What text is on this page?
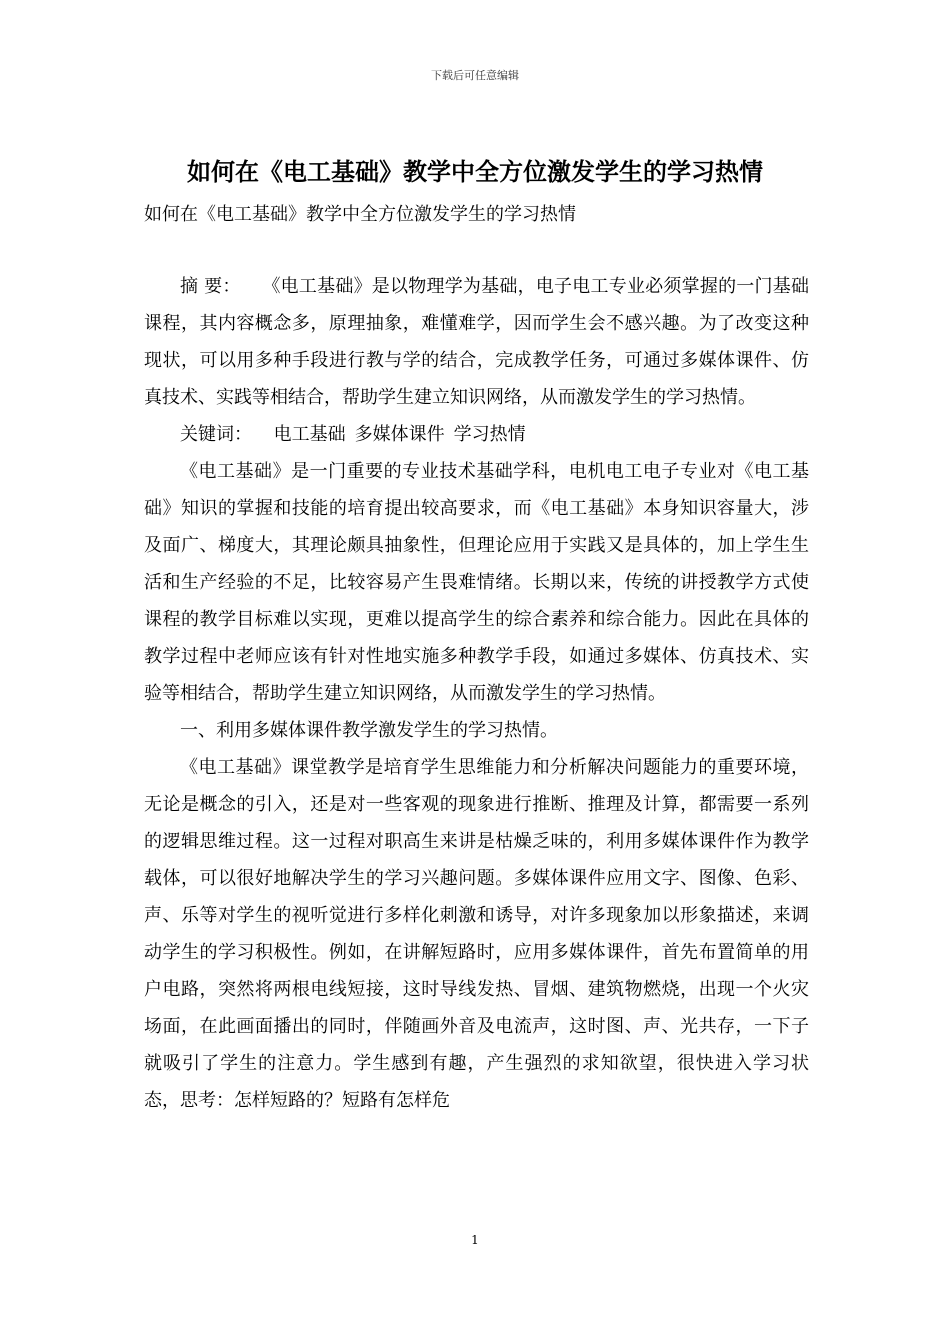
下载后可任意编辑
如何在《电工基础》教学中全方位激发学生的学习热情
如何在《电工基础》教学中全方位激发学生的学习热情

摘 要： 《电工基础》是以物理学为基础，电子电工专业必须掌握的一门基础课程，其内容概念多，原理抽象，难懂难学，因而学生会不感兴趣。为了改变这种现状，可以用多种手段进行教与学的结合，完成教学任务，可通过多媒体课件、仿真技术、实践等相结合，帮助学生建立知识网络，从而激发学生的学习热情。

关键词： 电工基础 多媒体课件 学习热情

《电工基础》是一门重要的专业技术基础学科，电机电工电子专业对《电工基础》知识的掌握和技能的培育提出较高要求，而《电工基础》本身知识容量大，涉及面广、梯度大，其理论颇具抽象性，但理论应用于实践又是具体的，加上学生生活和生产经验的不足，比较容易产生畏难情绪。长期以来，传统的讲授教学方式使课程的教学目标难以实现，更难以提高学生的综合素养和综合能力。因此在具体的教学过程中老师应该有针对性地实施多种教学手段，如通过多媒体、仿真技术、实验等相结合，帮助学生建立知识网络，从而激发学生的学习热情。

一、利用多媒体课件教学激发学生的学习热情。

《电工基础》课堂教学是培育学生思维能力和分析解决问题能力的重要环境，无论是概念的引入，还是对一些客观的现象进行推断、推理及计算，都需要一系列的逻辑思维过程。这一过程对职高生来讲是枯燥乏味的，利用多媒体课件作为教学载体，可以很好地解决学生的学习兴趣问题。多媒体课件应用文字、图像、色彩、声、乐等对学生的视听觉进行多样化刺激和诱导，对许多现象加以形象描述，来调动学生的学习积极性。例如，在讲解短路时，应用多媒体课件，首先布置简单的用户电路，突然将两根电线短接，这时导线发热、冒烟、建筑物燃烧，出现一个火灾场面，在此画面播出的同时，伴随画外音及电流声，这时图、声、光共存，一下子就吸引了学生的注意力。学生感到有趣，产生强烈的求知欲望，很快进入学习状态，思考：怎样短路的？短路有怎样危

1
